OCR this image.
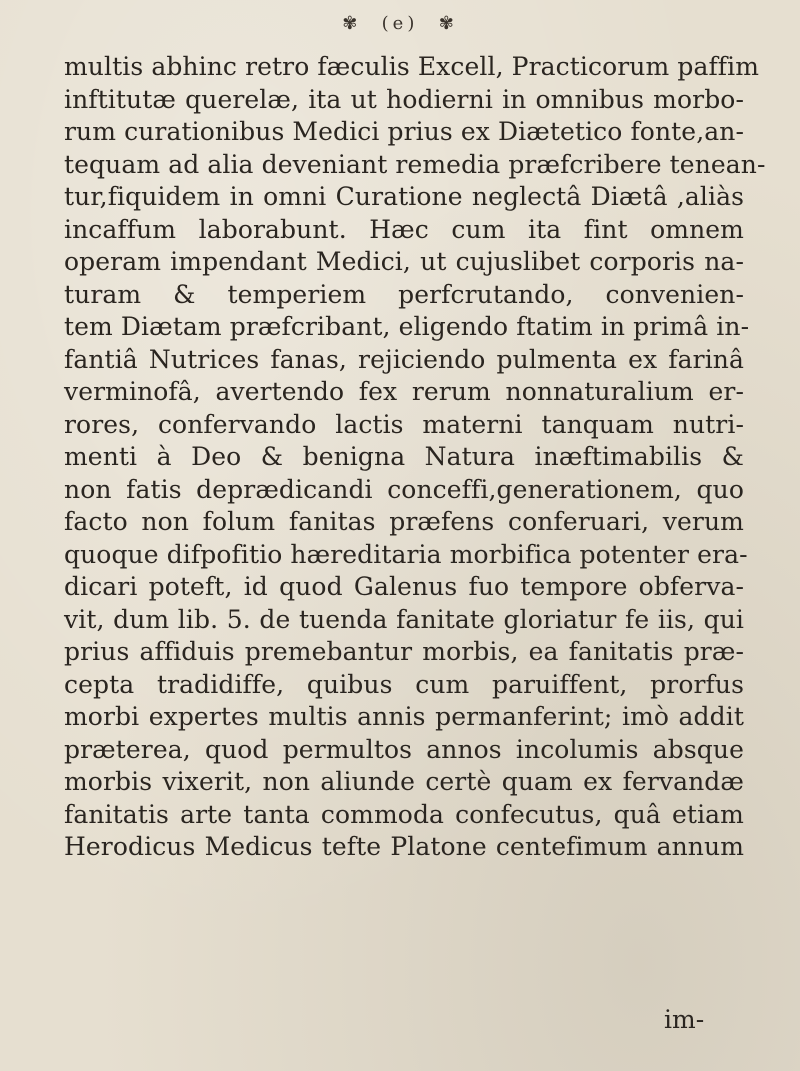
✾ (e) ✾
multis abhinc retro fæculis Excell, Practicorum paffim
inftitutæ querelæ, ita ut hodierni in omnibus morbo-
rum curationibus Medici prius ex Diætetico fonte,an-
tequam ad alia deveniant remedia præfcribere tenean-
tur,fiquidem in omni Curatione neglectâ Diætâ ,aliàs
incaffum laborabunt. Hæc cum ita fint omnem
operam impendant Medici, ut cujuslibet corporis na-
turam & temperiem perfcrutando, convenien-
tem Diætam præfcribant, eligendo ftatim in primâ in-
fantiâ Nutrices fanas, rejiciendo pulmenta ex farinâ
verminofâ, avertendo fex rerum nonnaturalium er-
rores, confervando lactis materni tanquam nutri-
menti à Deo & benigna Natura inæftimabilis &
non fatis deprædicandi conceffi,generationem, quo
facto non folum fanitas præfens conferuari, verum
quoque difpofitio hæreditaria morbifica potenter era-
dicari poteft, id quod Galenus fuo tempore obferva-
vit, dum lib. 5. de tuenda fanitate gloriatur fe iis, qui
prius affiduis premebantur morbis, ea fanitatis præ-
cepta tradidiffe, quibus cum paruiffent, prorfus
morbi expertes multis annis permanferint; imò addit
præterea, quod permultos annos incolumis absque
morbis vixerit, non aliunde certè quam ex fervandæ
fanitatis arte tanta commoda confecutus, quâ etiam
Herodicus Medicus tefte Platone centefimum annum
im-
